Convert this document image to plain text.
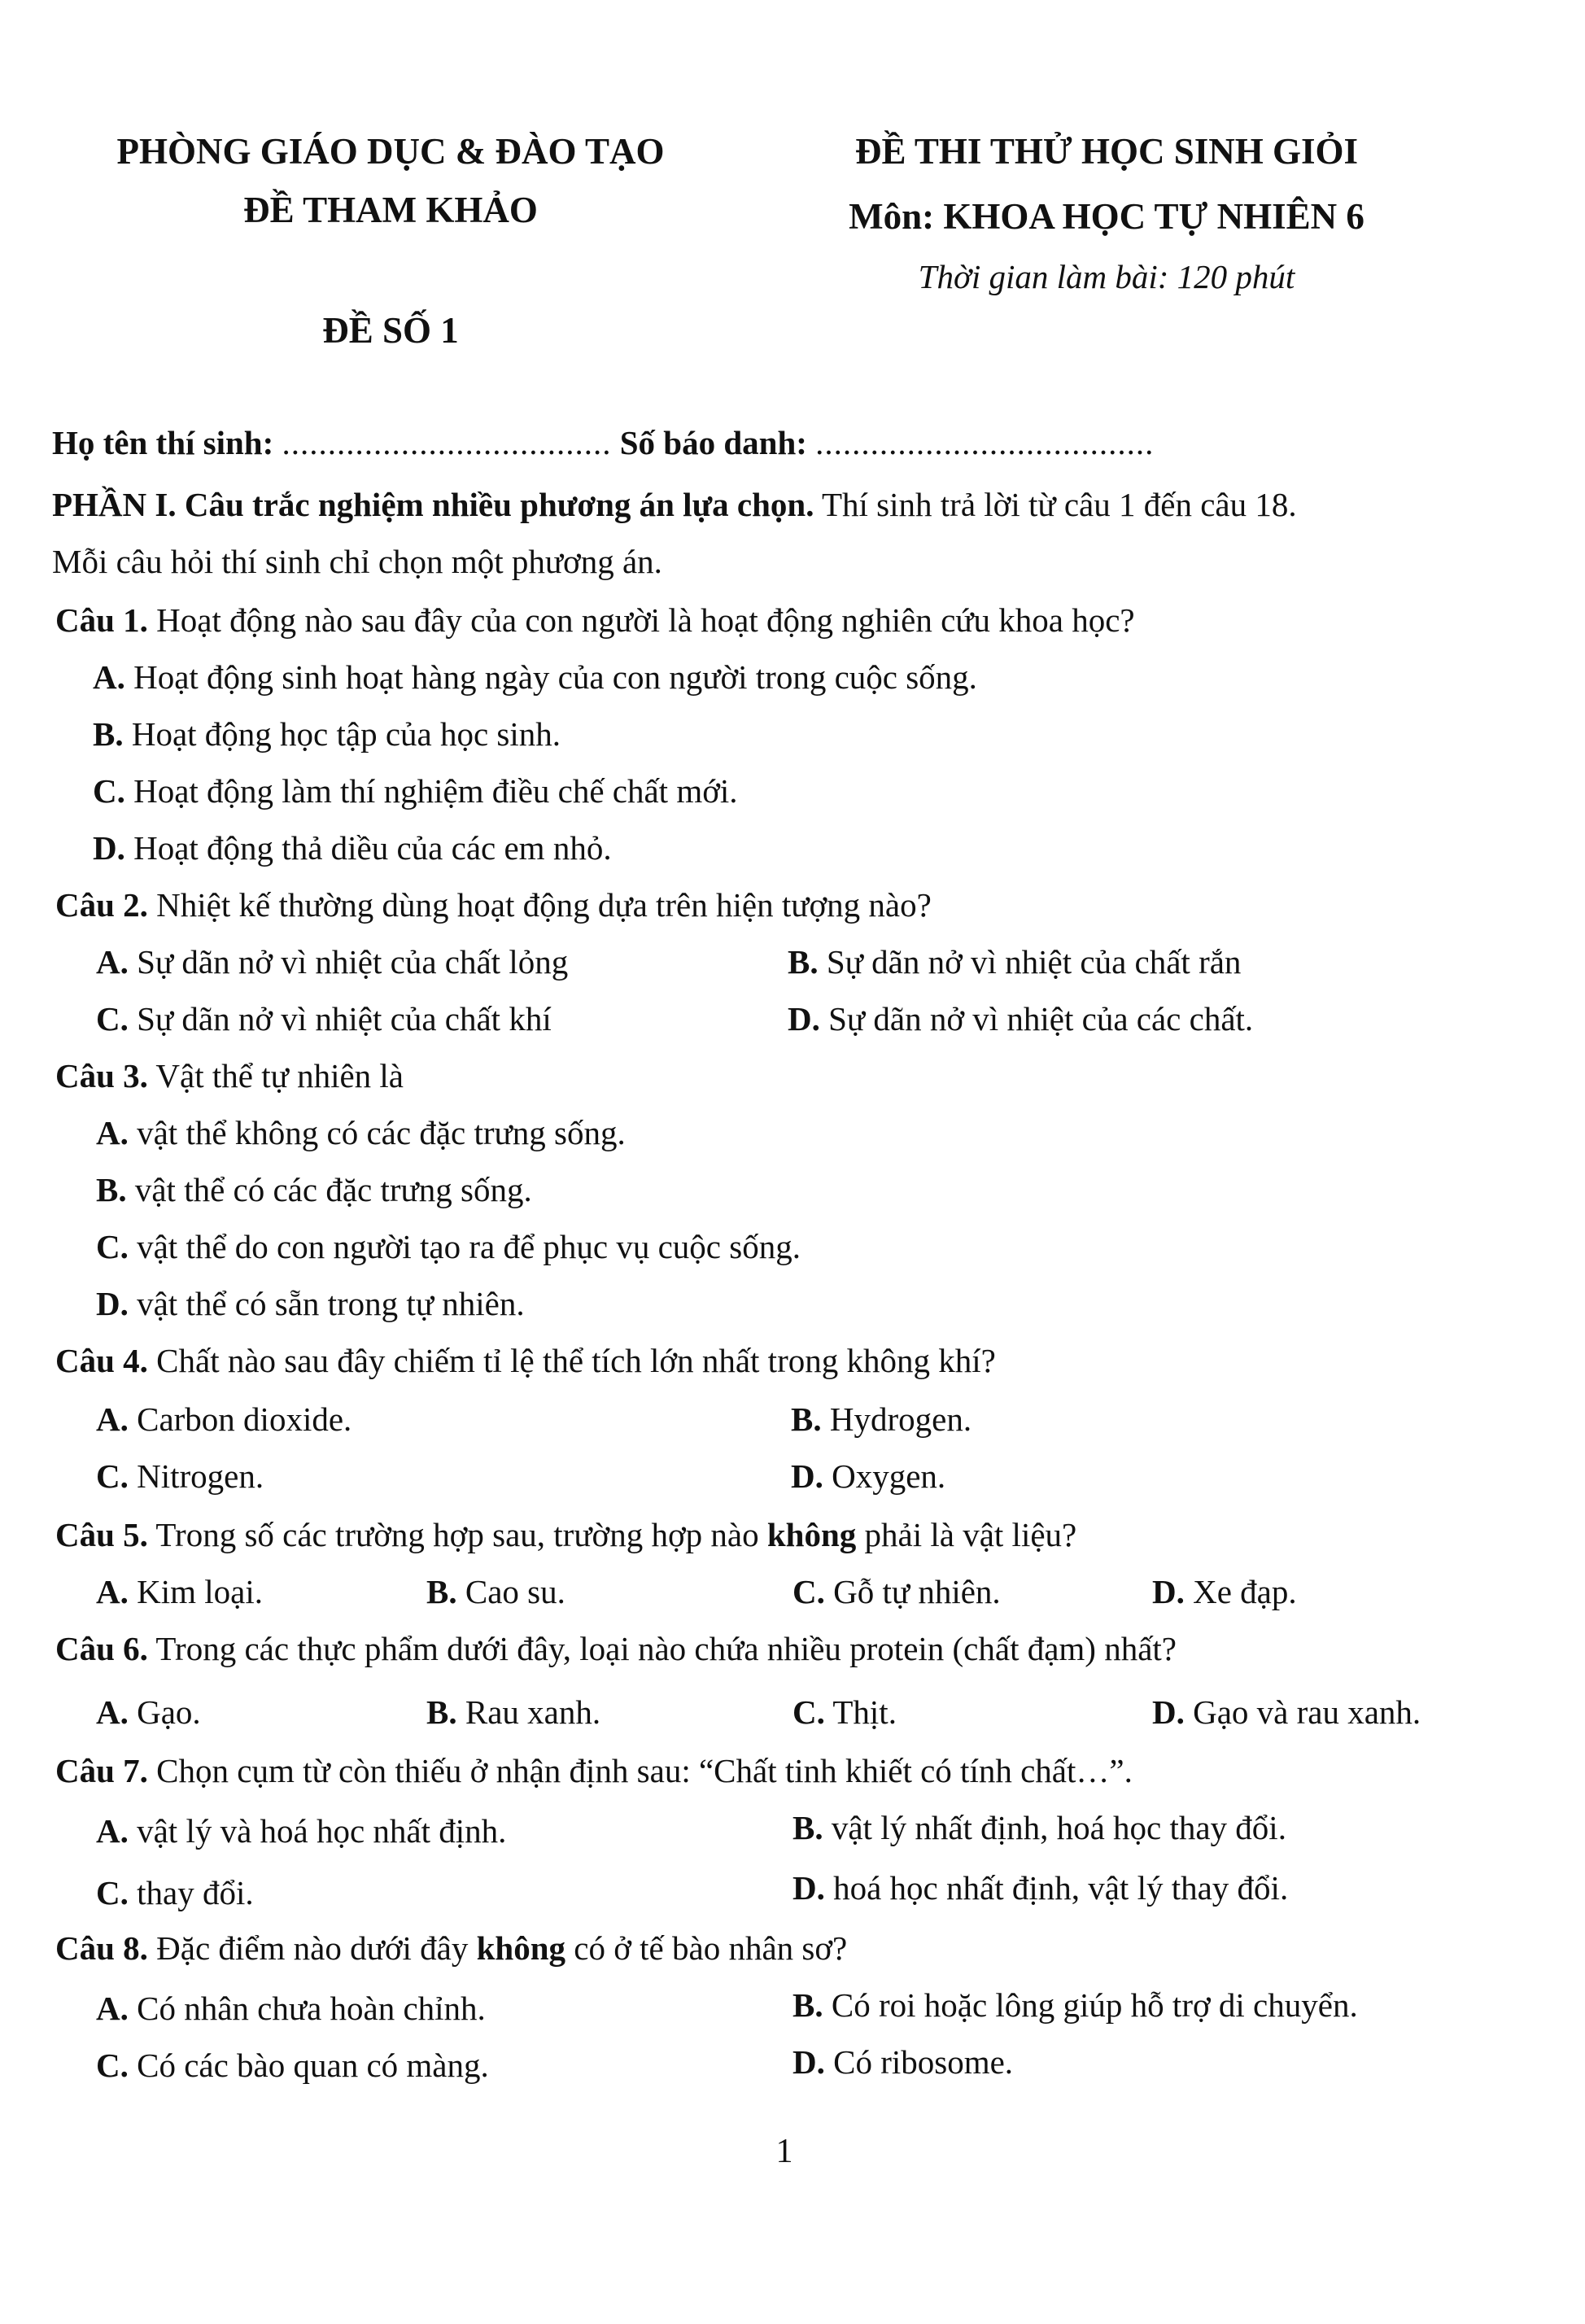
PHÒNG GIÁO DỤC & ĐÀO TẠO
ĐỀ THAM KHẢO
ĐỀ SỐ 1
ĐỀ THI THỬ HỌC SINH GIỎI
Môn: KHOA HỌC TỰ NHIÊN 6
Thời gian làm bài: 120 phút
Họ tên thí sinh: .................................... Số báo danh: .....................................
PHẦN I. Câu trắc nghiệm nhiều phương án lựa chọn. Thí sinh trả lời từ câu 1 đến câu 18.
Mỗi câu hỏi thí sinh chỉ chọn một phương án.
Câu 1. Hoạt động nào sau đây của con người là hoạt động nghiên cứu khoa học?
A. Hoạt động sinh hoạt hàng ngày của con người trong cuộc sống.
B. Hoạt động học tập của học sinh.
C. Hoạt động làm thí nghiệm điều chế chất mới.
D. Hoạt động thả diều của các em nhỏ.
Câu 2. Nhiệt kế thường dùng hoạt động dựa trên hiện tượng nào?
A. Sự dãn nở vì nhiệt của chất lỏng	B. Sự dãn nở vì nhiệt của chất rắn
C. Sự dãn nở vì nhiệt của chất khí	D. Sự dãn nở vì nhiệt của các chất.
Câu 3. Vật thể tự nhiên là
A. vật thể không có các đặc trưng sống.
B. vật thể có các đặc trưng sống.
C. vật thể do con người tạo ra để phục vụ cuộc sống.
D. vật thể có sẵn trong tự nhiên.
Câu 4. Chất nào sau đây chiếm tỉ lệ thể tích lớn nhất trong không khí?
A. Carbon dioxide.	B. Hydrogen.
C. Nitrogen.	D. Oxygen.
Câu 5. Trong số các trường hợp sau, trường hợp nào không phải là vật liệu?
A. Kim loại.	B. Cao su.	C. Gỗ tự nhiên.	D. Xe đạp.
Câu 6. Trong các thực phẩm dưới đây, loại nào chứa nhiều protein (chất đạm) nhất?
A. Gạo.	B. Rau xanh.	C. Thịt.	D. Gạo và rau xanh.
Câu 7. Chọn cụm từ còn thiếu ở nhận định sau: “Chất tinh khiết có tính chất…”.
A. vật lý và hoá học nhất định.	B. vật lý nhất định, hoá học thay đổi.
C. thay đổi.	D. hoá học nhất định, vật lý thay đổi.
Câu 8. Đặc điểm nào dưới đây không có ở tế bào nhân sơ?
A. Có nhân chưa hoàn chỉnh.	B. Có roi hoặc lông giúp hỗ trợ di chuyển.
C. Có các bào quan có màng.	D. Có ribosome.
1
